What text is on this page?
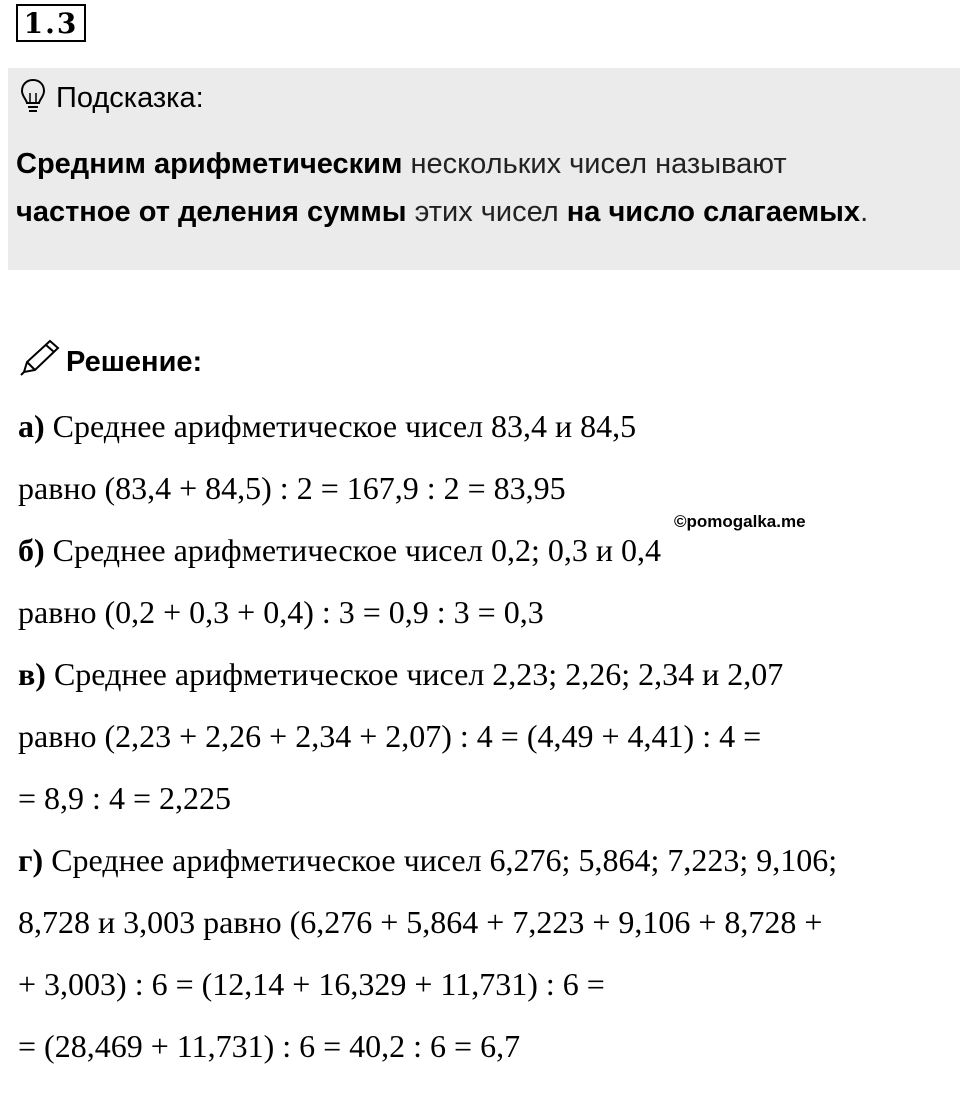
1.3
Подсказка:
Средним арифметическим нескольких чисел называют
частное от деления суммы этих чисел на число слагаемых.
Решение:
а) Среднее арифметическое чисел 83,4 и 84,5
равно (83,4 + 84,5) : 2 = 167,9 : 2 = 83,95
б) Среднее арифметическое чисел 0,2; 0,3 и 0,4
равно (0,2 + 0,3 + 0,4) : 3 = 0,9 : 3 = 0,3
в) Среднее арифметическое чисел 2,23; 2,26; 2,34 и 2,07
равно (2,23 + 2,26 + 2,34 + 2,07) : 4 = (4,49 + 4,41) : 4 =
= 8,9 : 4 = 2,225
г) Среднее арифметическое чисел 6,276; 5,864; 7,223; 9,106;
8,728 и 3,003 равно (6,276 + 5,864 + 7,223 + 9,106 + 8,728 +
+ 3,003) : 6 = (12,14 + 16,329 + 11,731) : 6 =
= (28,469 + 11,731) : 6 = 40,2 : 6 = 6,7
©pomogalka.me
